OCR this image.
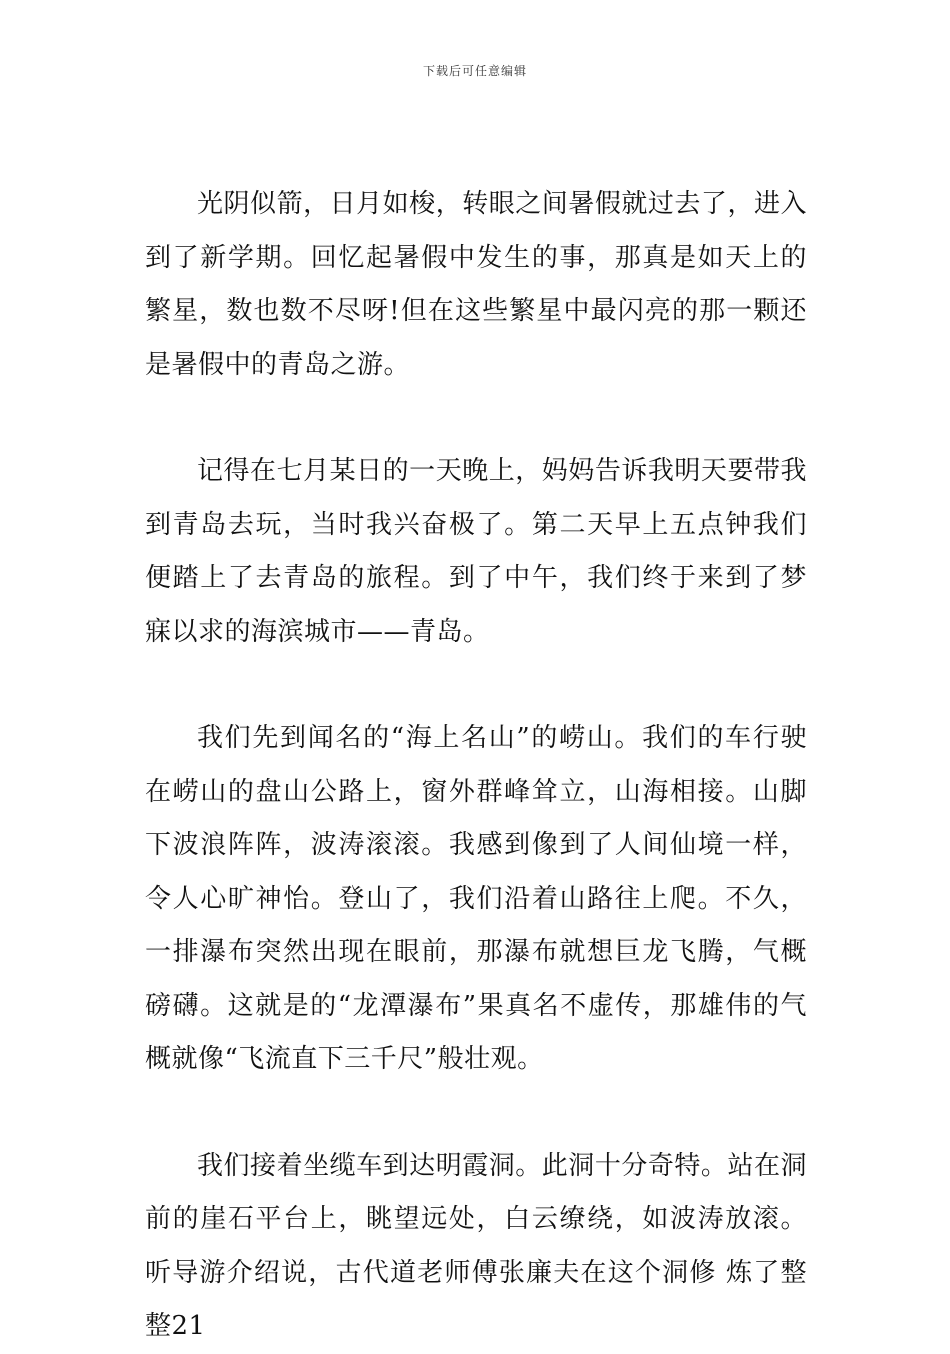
下载后可任意编辑

光阴似箭，日月如梭，转眼之间暑假就过去了，进入到了新学期。回忆起暑假中发生的事，那真是如天上的繁星，数也数不尽呀!但在这些繁星中最闪亮的那一颗还是暑假中的青岛之游。

记得在七月某日的一天晚上，妈妈告诉我明天要带我到青岛去玩，当时我兴奋极了。第二天早上五点钟我们便踏上了去青岛的旅程。到了中午，我们终于来到了梦寐以求的海滨城市——青岛。

我们先到闻名的“海上名山”的崂山。我们的车行驶在崂山的盘山公路上，窗外群峰耸立，山海相接。山脚下波浪阵阵，波涛滚滚。我感到像到了人间仙境一样，令人心旷神怡。登山了，我们沿着山路往上爬。不久，一排瀑布突然出现在眼前，那瀑布就想巨龙飞腾，气概磅礴。这就是的“龙潭瀑布”果真名不虚传，那雄伟的气概就像“飞流直下三千尺”般壮观。

我们接着坐缆车到达明霞洞。此洞十分奇特。站在洞前的崖石平台上，眺望远处，白云缭绕，如波涛放滚。听导游介绍说，古代道老师傅张廉夫在这个洞修 炼了整整21
